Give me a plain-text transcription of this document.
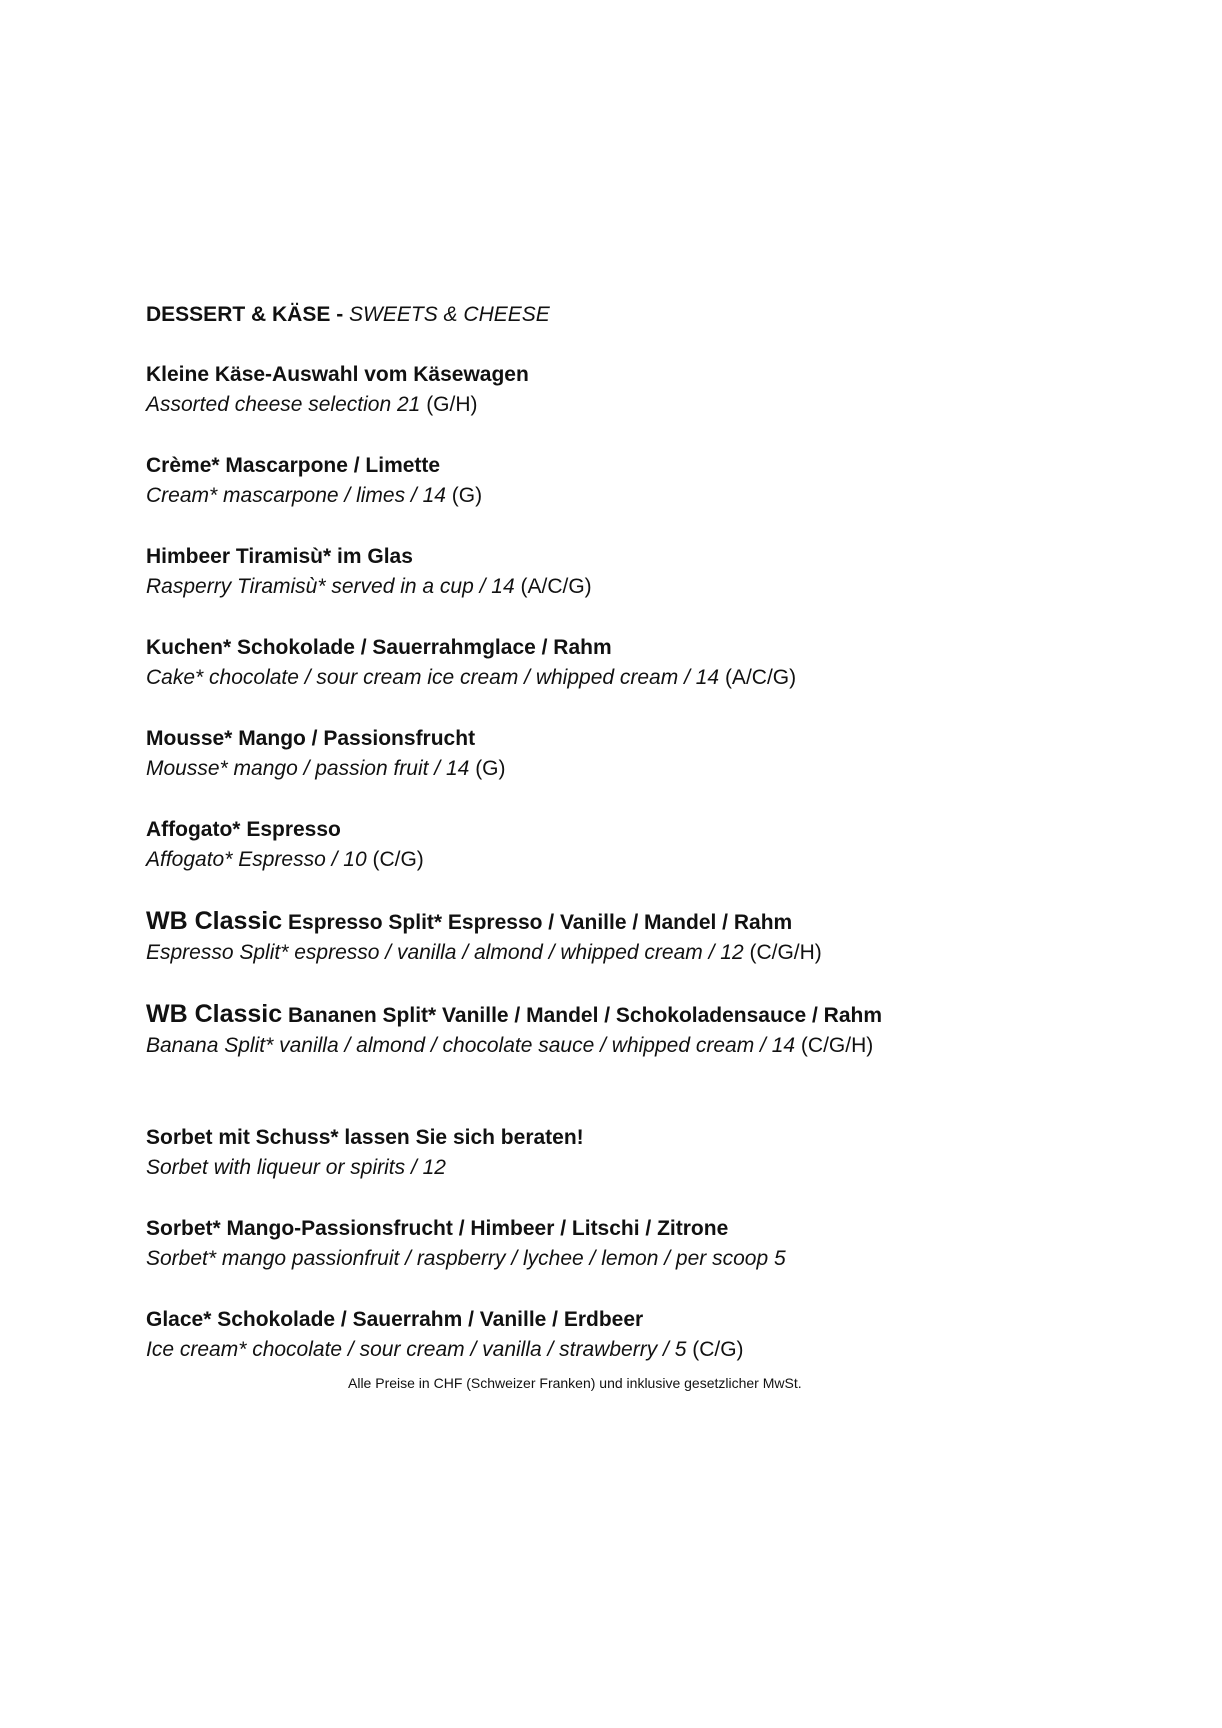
DESSERT & KÄSE - SWEETS & CHEESE
Kleine Käse-Auswahl vom Käsewagen
Assorted cheese selection 21 (G/H)
Crème* Mascarpone / Limette
Cream* mascarpone / limes / 14 (G)
Himbeer Tiramisù* im Glas
Rasperry Tiramisù* served in a cup / 14 (A/C/G)
Kuchen* Schokolade / Sauerrahmglace / Rahm
Cake* chocolate / sour cream ice cream / whipped cream / 14 (A/C/G)
Mousse* Mango / Passionsfrucht
Mousse* mango / passion fruit / 14 (G)
Affogato* Espresso
Affogato* Espresso / 10 (C/G)
WB Classic Espresso Split* Espresso / Vanille / Mandel / Rahm
Espresso Split* espresso / vanilla / almond / whipped cream / 12 (C/G/H)
WB Classic Bananen Split* Vanille / Mandel / Schokoladensauce / Rahm
Banana Split* vanilla / almond / chocolate sauce / whipped cream / 14 (C/G/H)
Sorbet mit Schuss* lassen Sie sich beraten!
Sorbet with liqueur or spirits / 12
Sorbet* Mango-Passionsfrucht / Himbeer / Litschi / Zitrone
Sorbet* mango passionfruit / raspberry / lychee / lemon / per scoop 5
Glace* Schokolade / Sauerrahm / Vanille / Erdbeer
Ice cream* chocolate / sour cream / vanilla / strawberry / 5 (C/G)
Alle Preise in CHF (Schweizer Franken) und inklusive gesetzlicher MwSt.
